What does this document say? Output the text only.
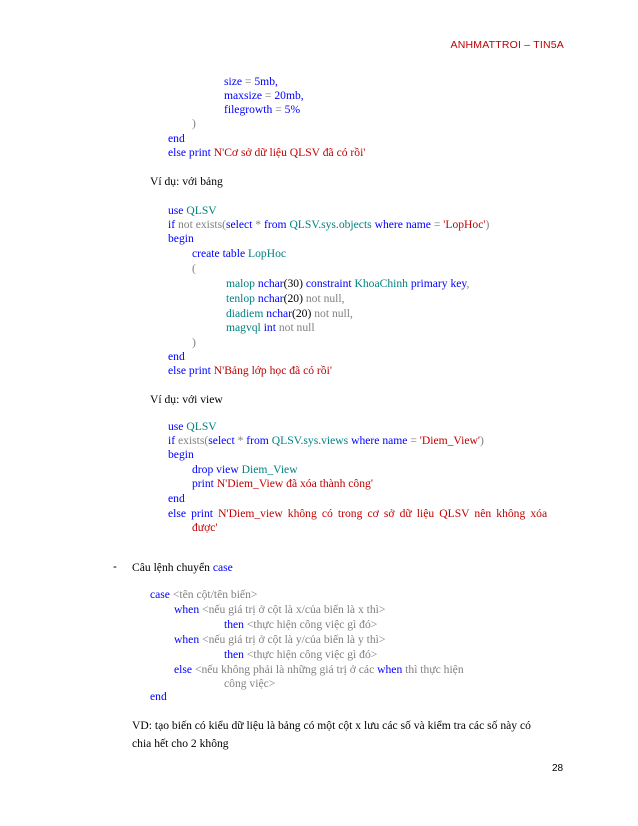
ANHMATTROI – TIN5A
size = 5mb,
maxsize = 20mb,
filegrowth = 5%
)
end
else print N'Cơ sở dữ liệu QLSV đã có rồi'
Ví dụ: với bảng
use QLSV
if not exists(select * from QLSV.sys.objects where name = 'LopHoc')
begin
create table LopHoc
(
malop nchar(30) constraint KhoaChinh primary key,
tenlop nchar(20) not null,
diadiem nchar(20) not null,
magvql int not null
)
end
else print N'Bảng lớp học đã có rồi'
Ví dụ: với view
use QLSV
if exists(select * from QLSV.sys.views where name = 'Diem_View')
begin
drop view Diem_View
print N'Diem_View đã xóa thành công'
end
else print N'Diem_view không có trong cơ sở dữ liệu QLSV nên không xóa
được'
- Câu lệnh chuyển case
case <tên cột/tên biến>
when <nếu giá trị ở cột là x/của biến là x thì>
then <thực hiện công việc gì đó>
when <nếu giá trị ở cột là y/của biến là y thì>
then <thực hiện công việc gì đó>
else <nếu không phải là những giá trị ở các when thì thực hiện
công việc>
end
VD: tạo biến có kiểu dữ liệu là bảng có một cột x lưu các số và kiểm tra các số này có
chia hết cho 2 không
28
